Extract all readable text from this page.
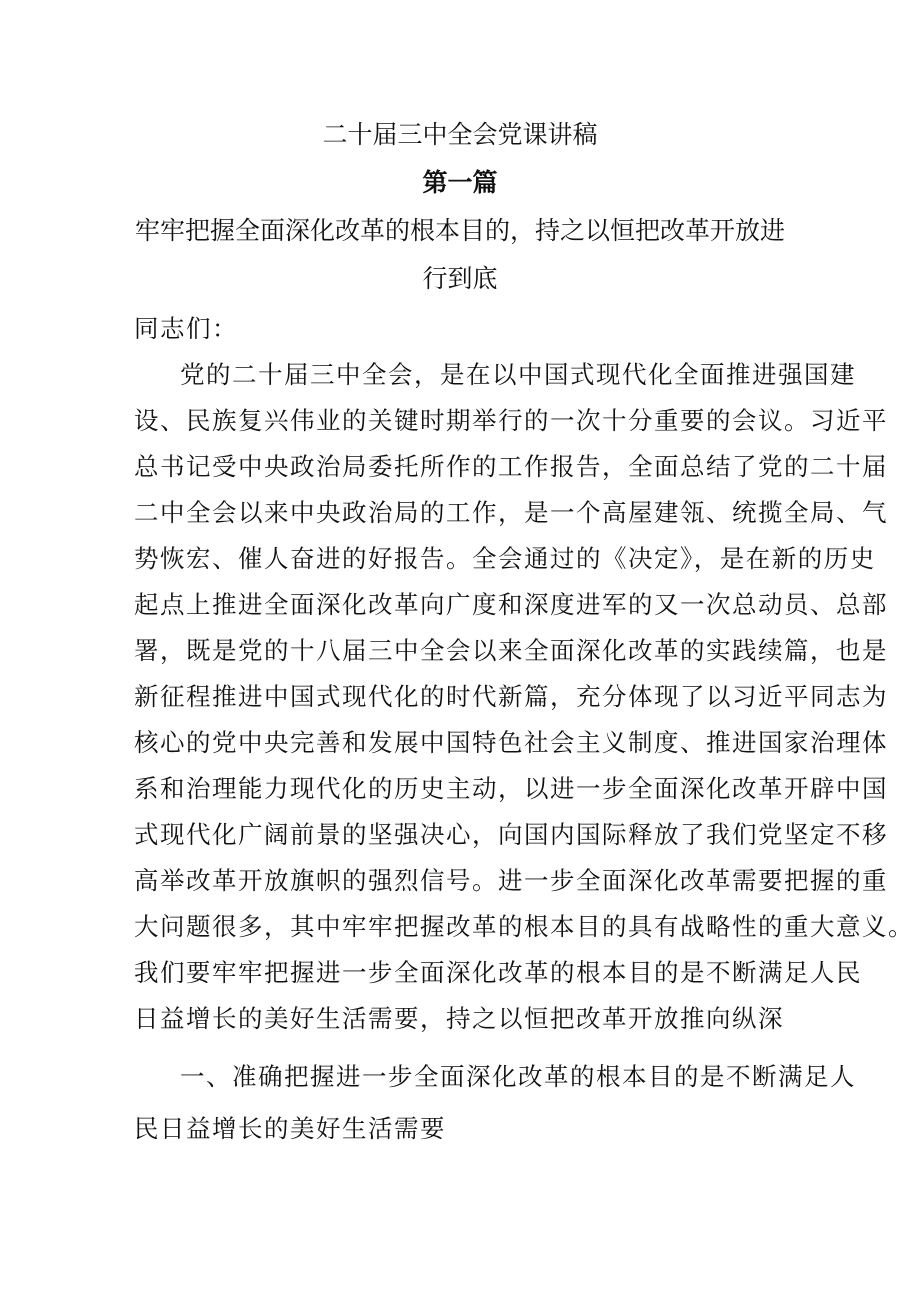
二十届三中全会党课讲稿
第一篇
牢牢把握全面深化改革的根本目的，持之以恒把改革开放进
行到底

同志们：

党的二十届三中全会，是在以中国式现代化全面推进强国建

设、民族复兴伟业的关键时期举行的一次十分重要的会议。习近平

总书记受中央政治局委托所作的工作报告，全面总结了党的二十届

二中全会以来中央政治局的工作，是一个高屋建瓴、统揽全局、气

势恢宏、催人奋进的好报告。全会通过的《决定》，是在新的历史

起点上推进全面深化改革向广度和深度进军的又一次总动员、总部

署，既是党的十八届三中全会以来全面深化改革的实践续篇，也是

新征程推进中国式现代化的时代新篇，充分体现了以习近平同志为

核心的党中央完善和发展中国特色社会主义制度、推进国家治理体

系和治理能力现代化的历史主动，以进一步全面深化改革开辟中国

式现代化广阔前景的坚强决心，向国内国际释放了我们党坚定不移

高举改革开放旗帜的强烈信号。进一步全面深化改革需要把握的重

大问题很多，其中牢牢把握改革的根本目的具有战略性的重大意义。

我们要牢牢把握进一步全面深化改革的根本目的是不断满足人民

日益增长的美好生活需要，持之以恒把改革开放推向纵深

一、准确把握进一步全面深化改革的根本目的是不断满足人

民日益增长的美好生活需要
